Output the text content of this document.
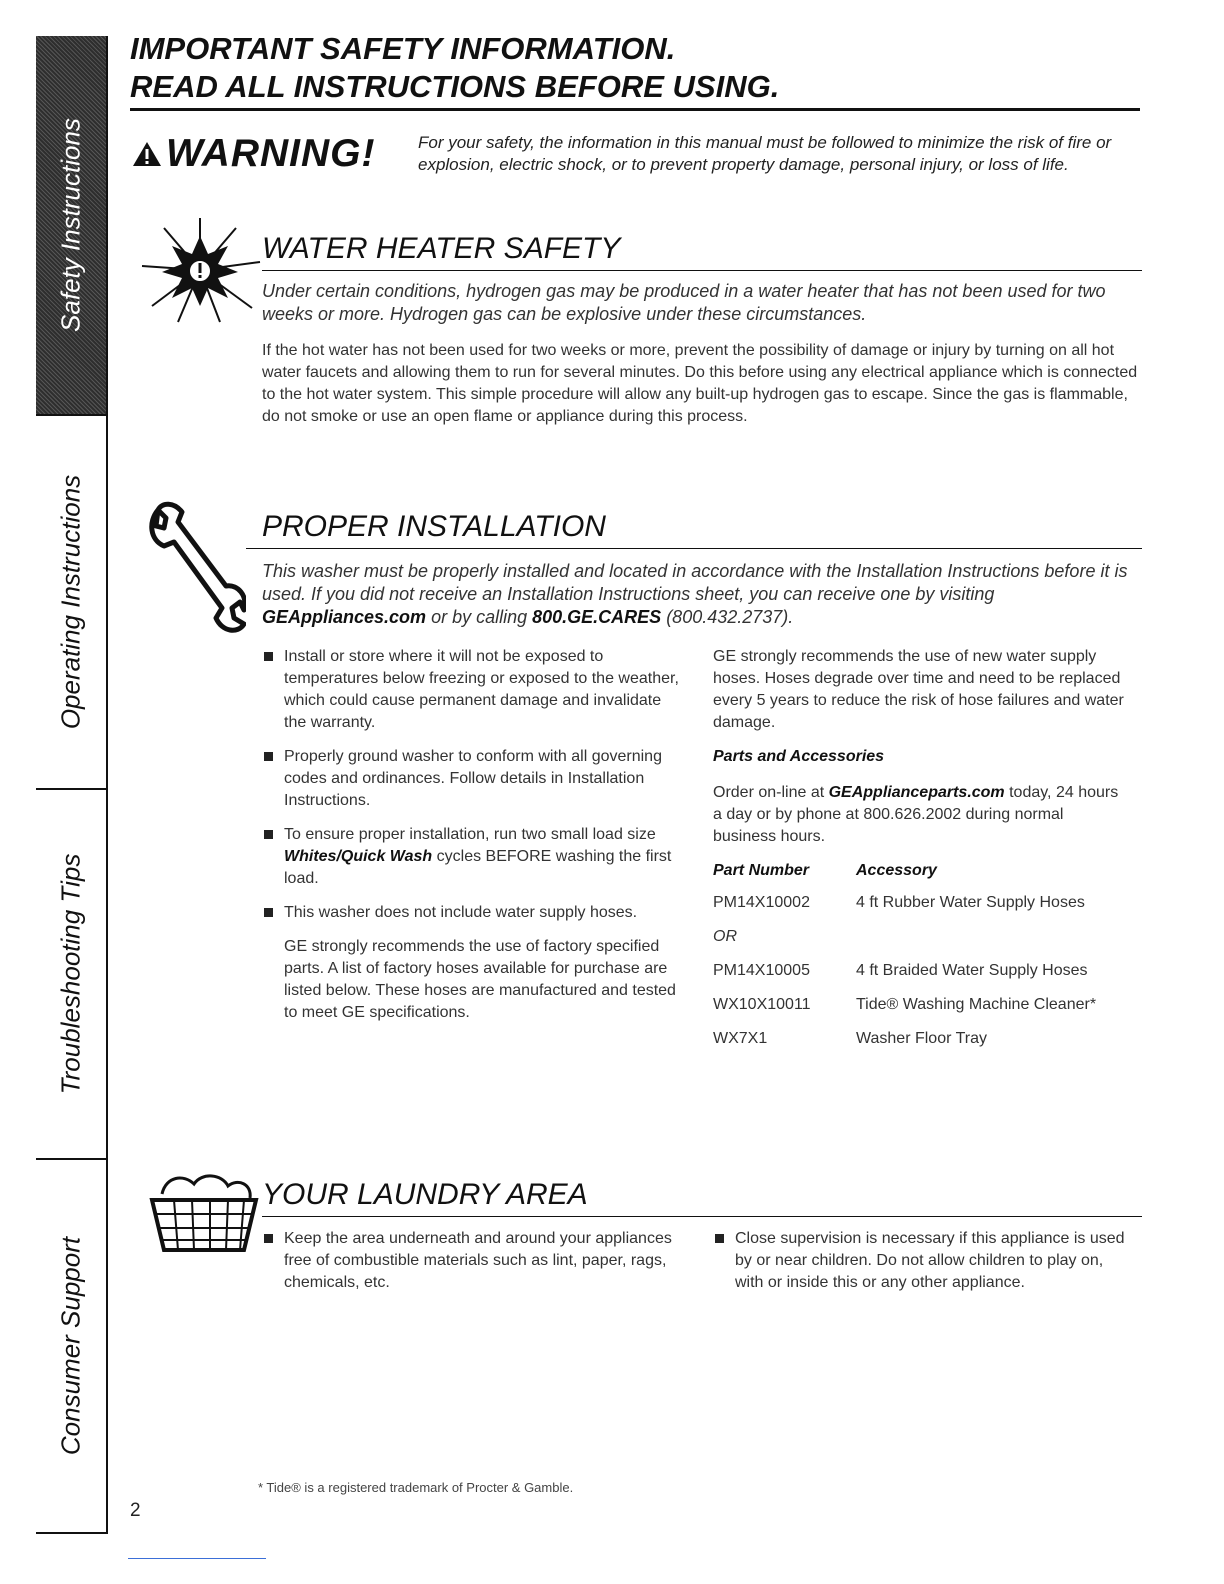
Safety Instructions
Operating Instructions
Troubleshooting Tips
Consumer Support
IMPORTANT SAFETY INFORMATION.
READ ALL INSTRUCTIONS BEFORE USING.
WARNING!	For your safety, the information in this manual must be followed to minimize the risk of fire or explosion, electric shock, or to prevent property damage, personal injury, or loss of life.
WATER HEATER SAFETY
Under certain conditions, hydrogen gas may be produced in a water heater that has not been used for two weeks or more. Hydrogen gas can be explosive under these circumstances.
If the hot water has not been used for two weeks or more, prevent the possibility of damage or injury by turning on all hot water faucets and allowing them to run for several minutes. Do this before using any electrical appliance which is connected to the hot water system. This simple procedure will allow any built-up hydrogen gas to escape. Since the gas is flammable, do not smoke or use an open flame or appliance during this process.
PROPER INSTALLATION
This washer must be properly installed and located in accordance with the Installation Instructions before it is used. If you did not receive an Installation Instructions sheet, you can receive one by visiting GEAppliances.com or by calling 800.GE.CARES (800.432.2737).
Install or store where it will not be exposed to temperatures below freezing or exposed to the weather, which could cause permanent damage and invalidate the warranty.
Properly ground washer to conform with all governing codes and ordinances. Follow details in Installation Instructions.
To ensure proper installation, run two small load size Whites/Quick Wash cycles BEFORE washing the first load.
This washer does not include water supply hoses.
GE strongly recommends the use of factory specified parts. A list of factory hoses available for purchase are listed below. These hoses are manufactured and tested to meet GE specifications.
GE strongly recommends the use of new water supply hoses. Hoses degrade over time and need to be replaced every 5 years to reduce the risk of hose failures and water damage.
Parts and Accessories
Order on-line at GEApplianceparts.com today, 24 hours a day or by phone at 800.626.2002 during normal business hours.
Part Number	Accessory
PM14X10002	4 ft Rubber Water Supply Hoses
OR	
PM14X10005	4 ft Braided Water Supply Hoses
WX10X10011	Tide® Washing Machine Cleaner*
WX7X1	Washer Floor Tray
YOUR LAUNDRY AREA
Keep the area underneath and around your appliances free of combustible materials such as lint, paper, rags, chemicals, etc.
Close supervision is necessary if this appliance is used by or near children. Do not allow children to play on, with or inside this or any other appliance.
* Tide® is a registered trademark of Procter & Gamble.
2
